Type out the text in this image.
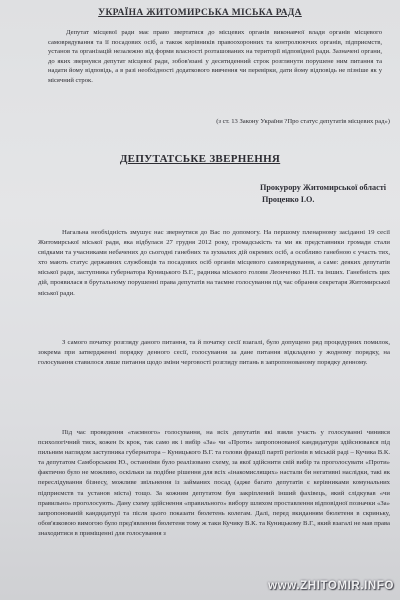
УКРАЇНА ЖИТОМИРСЬКА МІСЬКА РАДА

Депутат місцевої ради має право звертатися до місцевих органів виконавчої влади органів місцевого самоврядування та її посадових осіб, а також керівників правоохоронних та контролюючих органів, підприємств, установ та організацій незалежно від форми власності розташованих на території відповідної ради. Зазначені органи, до яких звернувся депутат місцевої ради, зобов'язані у десятиденний строк розглянути порушене ним питання та надати йому відповідь, а в разі необхідності додаткового вивчення чи перевірки, дати йому відповідь не пізніше як у місячний строк.

(з ст. 13 Закону України ?Про статус депутатів місцевих рад»)

ДЕПУТАТСЬКЕ ЗВЕРНЕННЯ
Прокурору Житомирської області
Проценко І.О.

Нагальна необхідність змушує нас звернутися до Вас по допомогу. На першому пленарному засіданні 19 сесії Житомирської міської ради, яка відбулася 27 грудня 2012 року, громадськість та ми як представники громади стали свідками та учасниками небачених до сьогодні ганебних та зухвалих дій окремих осіб, а особливо ганебною є участь тих, хто мають статус державних службовців та посадових осіб органів місцевого самоврядування, а саме: деяких депутатів міської ради, заступника губернатора Куницького В.Г., радника міського голови Леонченко Н.П. та інших. Ганебність цих дій, проявилася в брутальному порушенні права депутатів на таємне голосування під час обрання секретаря Житомирської міської ради.

З самого початку розгляду даного питання, та й початку сесії взагалі, було допущено ряд процедурних помилок, зокрема при затвердженні порядку денного сесії, голосування за дане питання відкладено у жодному порядку, на голосування ставилося лише питання щодо зміни черговості розгляду питань в запропонованому порядку денному.

Під час проведення «таємного» голосування, на всіх депутатів які взяли участь у голосуванні чинився психологічний тиск, кожен їх крок, так само як і вибір «За» чи «Проти» запропонованої кандидатури здійснювався під пильним наглядом заступника губернатора – Куницького В.Г. та голови фракції партії регіонів в міській раді – Кучика В.К. та депутатом Самборським Ю., останніми було реалізовано схему, за якої здійснити свій вибір та проголосувати «Проти» фактично було не можливо, оскільки за подібне рішення для всіх «інакомислящих» настали би негативні наслідки, такі як переслідування бізнесу, можливе звільнення із займаних посад (адже багато депутатів є керівниками комунальних підприємств та установ міста) тощо. За кожним депутатом був закріплений інший фахівець, який слідкував «чи правильно» проголосують. Дану схему здійснення «правильного» вибору шляхом проставлення відповідної позначки «За» запропонованій кандидатурі та після цього показати бюлетень колегам. Далі, перед вкиданням бюлетеня в скриньку, обов'язковою вимогою було пред'явлення бюлетеня тому ж таки Кучику В.К. та Куницькому В.Г., який взагалі не мав права знаходитися в приміщенні для голосування з

www.ZHITOMIR.INFO
